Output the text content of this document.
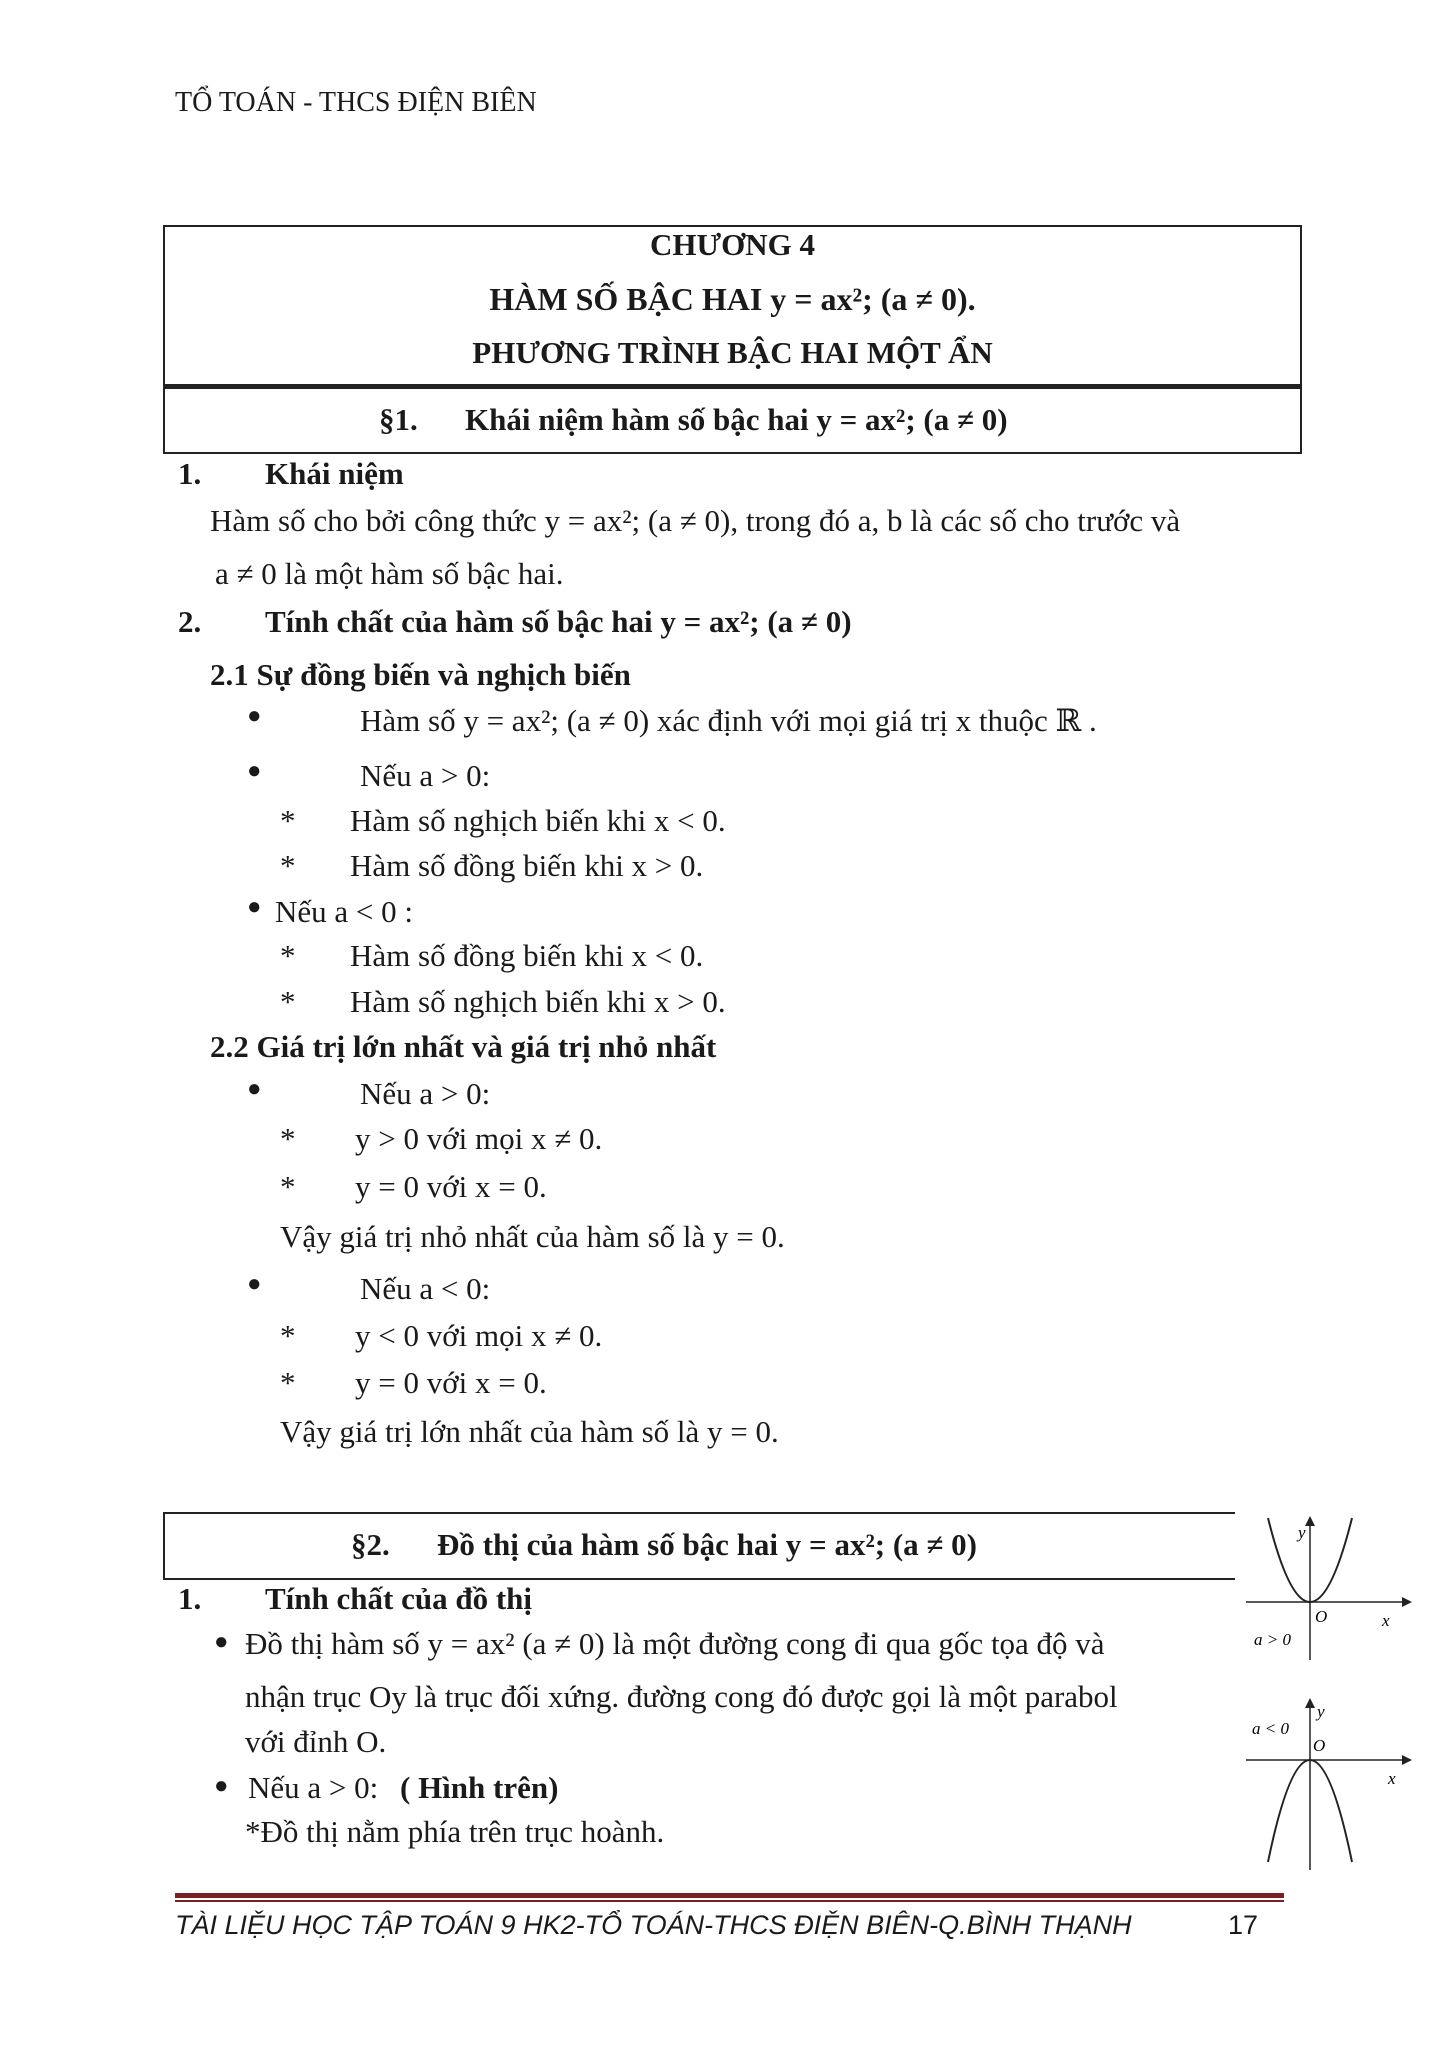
TỔ TOÁN - THCS ĐIỆN BIÊN
CHƯƠNG 4
HÀM SỐ BẬC HAI y = ax²; (a ≠ 0).
PHƯƠNG TRÌNH BẬC HAI MỘT ẨN
§1. Khái niệm hàm số bậc hai y = ax²; (a ≠ 0)
1. Khái niệm
Hàm số cho bởi công thức y = ax²; (a ≠ 0), trong đó a, b là các số cho trước và
a ≠ 0 là một hàm số bậc hai.
2. Tính chất của hàm số bậc hai y = ax²; (a ≠ 0)
2.1 Sự đồng biến và nghịch biến
●	Hàm số y = ax²; (a ≠ 0) xác định với mọi giá trị x thuộc ℝ .
●	Nếu a > 0:
* Hàm số nghịch biến khi x < 0.
* Hàm số đồng biến khi x > 0.
● Nếu a < 0 :
* Hàm số đồng biến khi x < 0.
* Hàm số nghịch biến khi x > 0.
2.2 Giá trị lớn nhất và giá trị nhỏ nhất
●	Nếu a > 0:
* y > 0 với mọi x ≠ 0.
* y = 0 với x = 0.
Vậy giá trị nhỏ nhất của hàm số là y = 0.
●	Nếu a < 0:
* y < 0 với mọi x ≠ 0.
* y = 0 với x = 0.
Vậy giá trị lớn nhất của hàm số là y = 0.
§2. Đồ thị của hàm số bậc hai y = ax²; (a ≠ 0)
1. Tính chất của đồ thị
● Đồ thị hàm số y = ax² (a ≠ 0) là một đường cong đi qua gốc tọa độ và
nhận trục Oy là trục đối xứng. đường cong đó được gọi là một parabol
với đỉnh O.
● Nếu a > 0: ( Hình trên)
*Đồ thị nằm phía trên trục hoành.
y
O	x
a > 0
y
O
x
a < 0
TÀI LIỆU HỌC TẬP TOÁN 9 HK2-TỔ TOÁN-THCS ĐIỆN BIÊN-Q.BÌNH THẠNH	17
